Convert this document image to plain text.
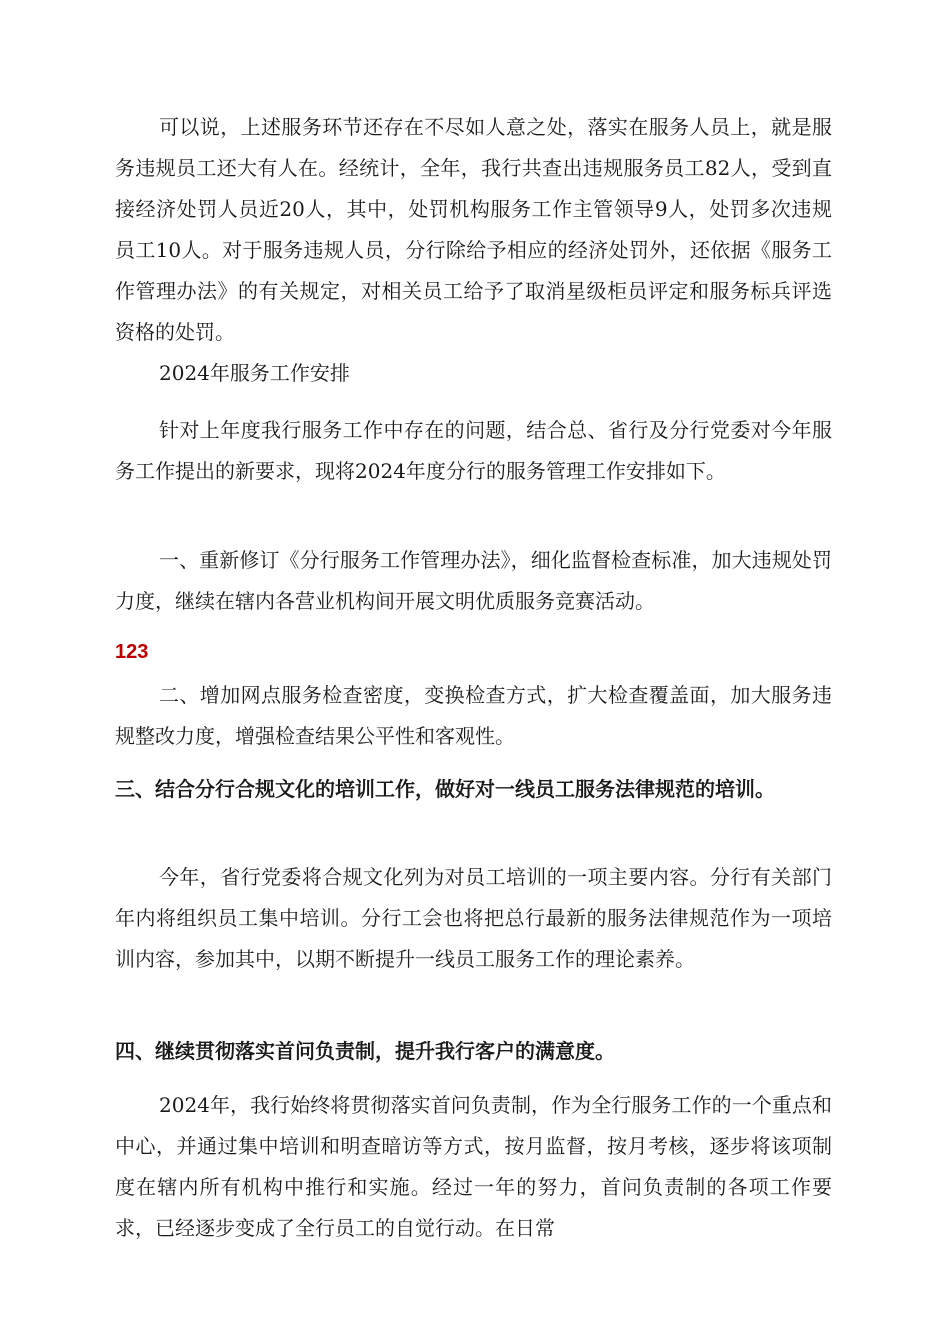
可以说，上述服务环节还存在不尽如人意之处，落实在服务人员上，就是服务违规员工还大有人在。经统计，全年，我行共查出违规服务员工82人，受到直接经济处罚人员近20人，其中，处罚机构服务工作主管领导9人，处罚多次违规员工10人。对于服务违规人员，分行除给予相应的经济处罚外，还依据《服务工作管理办法》的有关规定，对相关员工给予了取消星级柜员评定和服务标兵评选资格的处罚。

2024年服务工作安排

针对上年度我行服务工作中存在的问题，结合总、省行及分行党委对今年服务工作提出的新要求，现将2024年度分行的服务管理工作安排如下。

一、重新修订《分行服务工作管理办法》，细化监督检查标准，加大违规处罚力度，继续在辖内各营业机构间开展文明优质服务竞赛活动。

123

二、增加网点服务检查密度，变换检查方式，扩大检查覆盖面，加大服务违规整改力度，增强检查结果公平性和客观性。

三、结合分行合规文化的培训工作，做好对一线员工服务法律规范的培训。

今年，省行党委将合规文化列为对员工培训的一项主要内容。分行有关部门年内将组织员工集中培训。分行工会也将把总行最新的服务法律规范作为一项培训内容，参加其中，以期不断提升一线员工服务工作的理论素养。

四、继续贯彻落实首问负责制，提升我行客户的满意度。

2024年，我行始终将贯彻落实首问负责制，作为全行服务工作的一个重点和中心，并通过集中培训和明查暗访等方式，按月监督，按月考核，逐步将该项制度在辖内所有机构中推行和实施。经过一年的努力，首问负责制的各项工作要求，已经逐步变成了全行员工的自觉行动。在日常
